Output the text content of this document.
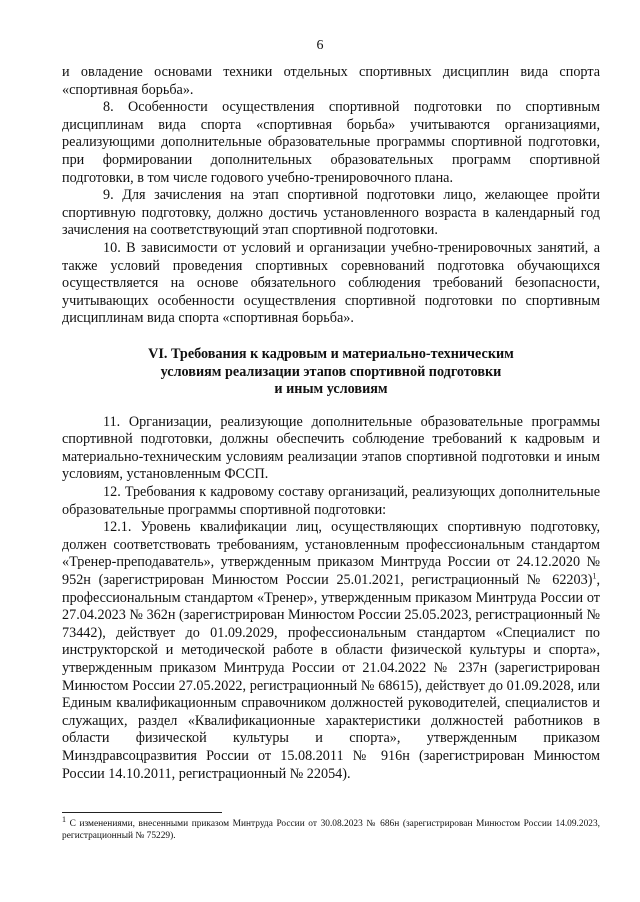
6

и овладение основами техники отдельных спортивных дисциплин вида спорта «спортивная борьба».

8. Особенности осуществления спортивной подготовки по спортивным дисциплинам вида спорта «спортивная борьба» учитываются организациями, реализующими дополнительные образовательные программы спортивной подготовки, при формировании дополнительных образовательных программ спортивной подготовки, в том числе годового учебно-тренировочного плана.

9. Для зачисления на этап спортивной подготовки лицо, желающее пройти спортивную подготовку, должно достичь установленного возраста в календарный год зачисления на соответствующий этап спортивной подготовки.

10. В зависимости от условий и организации учебно-тренировочных занятий, а также условий проведения спортивных соревнований подготовка обучающихся осуществляется на основе обязательного соблюдения требований безопасности, учитывающих особенности осуществления спортивной подготовки по спортивным дисциплинам вида спорта «спортивная борьба».

VI. Требования к кадровым и материально-техническим
условиям реализации этапов спортивной подготовки
и иным условиям

11. Организации, реализующие дополнительные образовательные программы спортивной подготовки, должны обеспечить соблюдение требований к кадровым и материально-техническим условиям реализации этапов спортивной подготовки и иным условиям, установленным ФССП.

12. Требования к кадровому составу организаций, реализующих дополнительные образовательные программы спортивной подготовки:

12.1. Уровень квалификации лиц, осуществляющих спортивную подготовку, должен соответствовать требованиям, установленным профессиональным стандартом «Тренер-преподаватель», утвержденным приказом Минтруда России от 24.12.2020 № 952н (зарегистрирован Минюстом России 25.01.2021, регистрационный № 62203)$^1$, профессиональным стандартом «Тренер», утвержденным приказом Минтруда России от 27.04.2023 № 362н (зарегистрирован Минюстом России 25.05.2023, регистрационный № 73442), действует до 01.09.2029, профессиональным стандартом «Специалист по инструкторской и методической работе в области физической культуры и спорта», утвержденным приказом Минтруда России от 21.04.2022 № 237н (зарегистрирован Минюстом России 27.05.2022, регистрационный № 68615), действует до 01.09.2028, или Единым квалификационным справочником должностей руководителей, специалистов и служащих, раздел «Квалификационные характеристики должностей работников в области физической культуры и спорта», утвержденным приказом Минздравсоцразвития России от 15.08.2011 № 916н (зарегистрирован Минюстом России 14.10.2011, регистрационный № 22054).

$^1$ С изменениями, внесенными приказом Минтруда России от 30.08.2023 № 686н (зарегистрирован Минюстом России 14.09.2023, регистрационный № 75229).
